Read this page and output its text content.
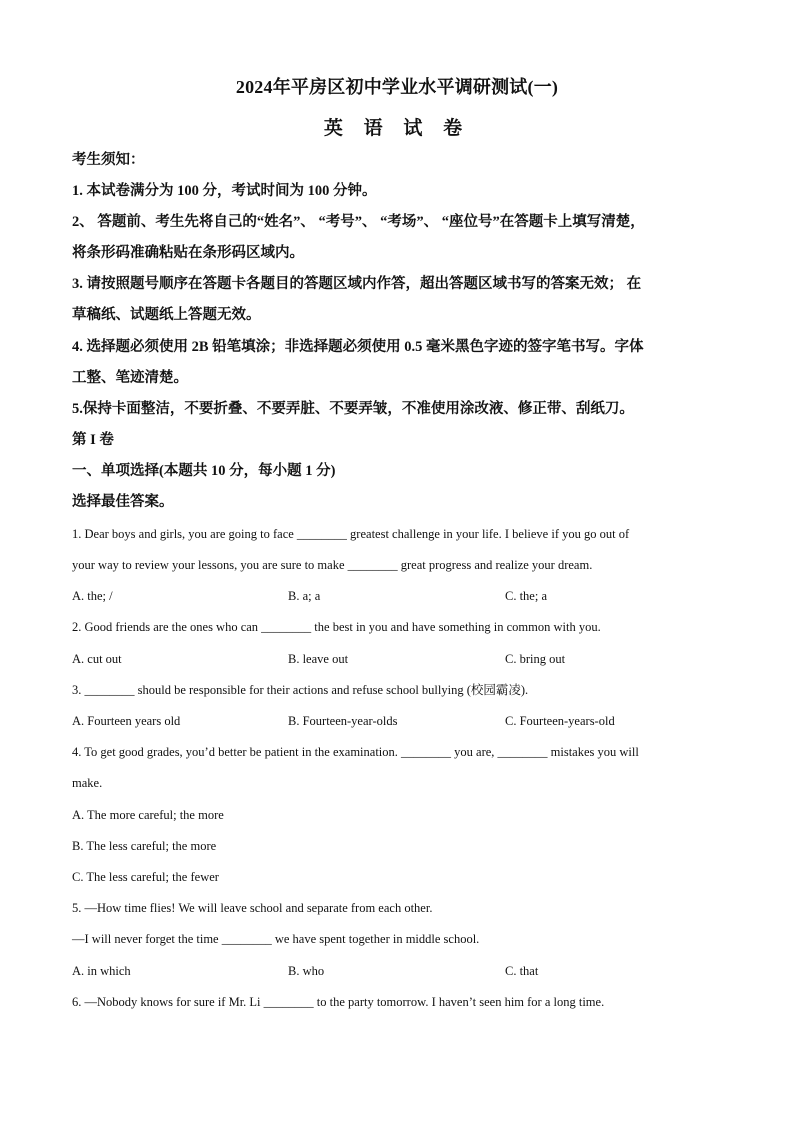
2024年平房区初中学业水平调研测试(一)
英 语 试 卷
考生须知：
1. 本试卷满分为 100 分，考试时间为 100 分钟。
2、 答题前、考生先将自己的“姓名”、 “考号”、 “考场”、 “座位号”在答题卡上填写清楚，
将条形码准确粘贴在条形码区域内。
3. 请按照题号顺序在答题卡各题目的答题区域内作答，超出答题区域书写的答案无效； 在
草稿纸、试题纸上答题无效。
4. 选择题必须使用 2B 铅笔填涂；非选择题必须使用 0.5 毫米黑色字迹的签字笔书写。字体
工整、笔迹清楚。
5.保持卡面整洁，不要折叠、不要弄脏、不要弄皱，不准使用涂改液、修正带、刮纸刀。
第 I 卷
一、单项选择(本题共 10 分，每小题 1 分)
选择最佳答案。
1. Dear boys and girls, you are going to face ________ greatest challenge in your life. I believe if you go out of
your way to review your lessons, you are sure to make ________ great progress and realize your dream.
A. the; /	B. a; a	C. the; a
2. Good friends are the ones who can ________ the best in you and have something in common with you.
A. cut out	B. leave out	C. bring out
3. ________ should be responsible for their actions and refuse school bullying (校园霸凌).
A. Fourteen years old	B. Fourteen-year-olds	C. Fourteen-years-old
4. To get good grades, you’d better be patient in the examination. ________ you are, ________ mistakes you will
make.
A. The more careful; the more
B. The less careful; the more
C. The less careful; the fewer
5. —How time flies! We will leave school and separate from each other.
—I will never forget the time ________ we have spent together in middle school.
A. in which	B. who	C. that
6. —Nobody knows for sure if Mr. Li ________ to the party tomorrow. I haven’t seen him for a long time.
